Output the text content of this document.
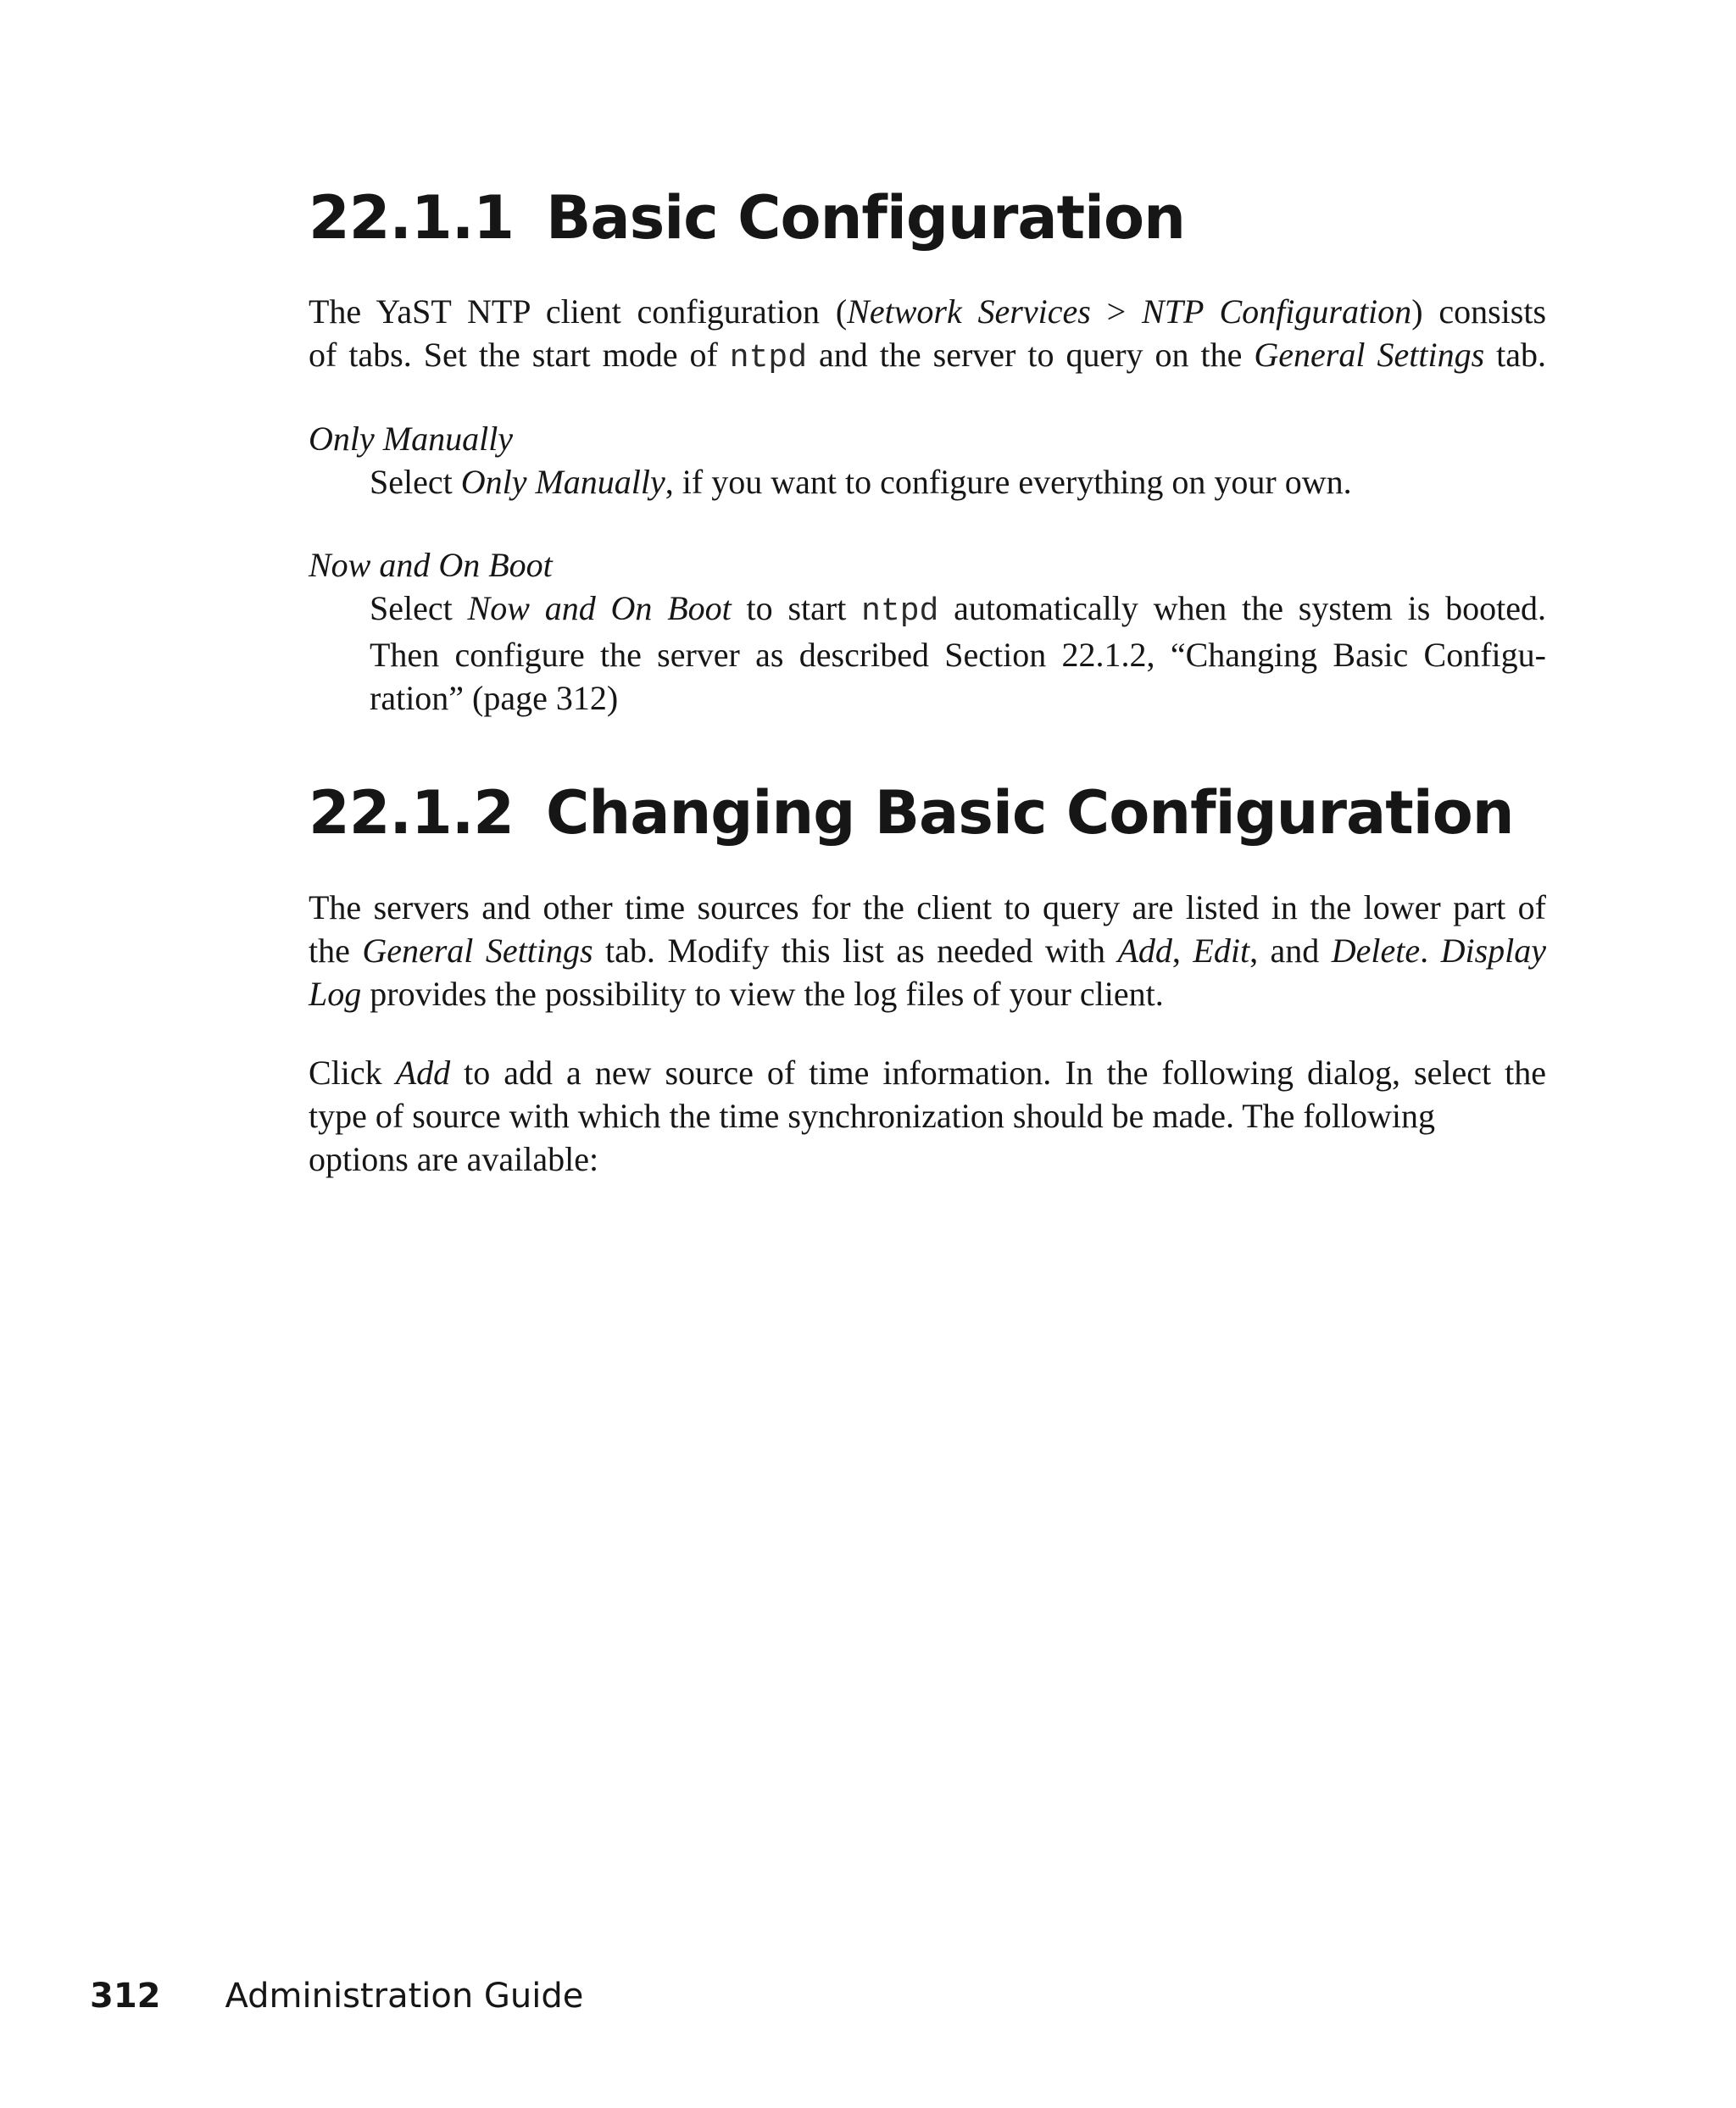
22.1.1 Basic Configuration

The YaST NTP client configuration (Network Services > NTP Configuration) consists
of tabs. Set the start mode of ntpd and the server to query on the General Settings tab.

Only Manually

Select Only Manually, if you want to configure everything on your own.

Now and On Boot

Select Now and On Boot to start ntpd automatically when the system is booted.
Then configure the server as described Section 22.1.2, “Changing Basic Configu-
ration” (page 312)

22.1.2 Changing Basic Configuration

The servers and other time sources for the client to query are listed in the lower part of
the General Settings tab. Modify this list as needed with Add, Edit, and Delete. Display
Log provides the possibility to view the log files of your client.

Click Add to add a new source of time information. In the following dialog, select the
type of source with which the time synchronization should be made. The following
options are available:

312 Administration Guide
